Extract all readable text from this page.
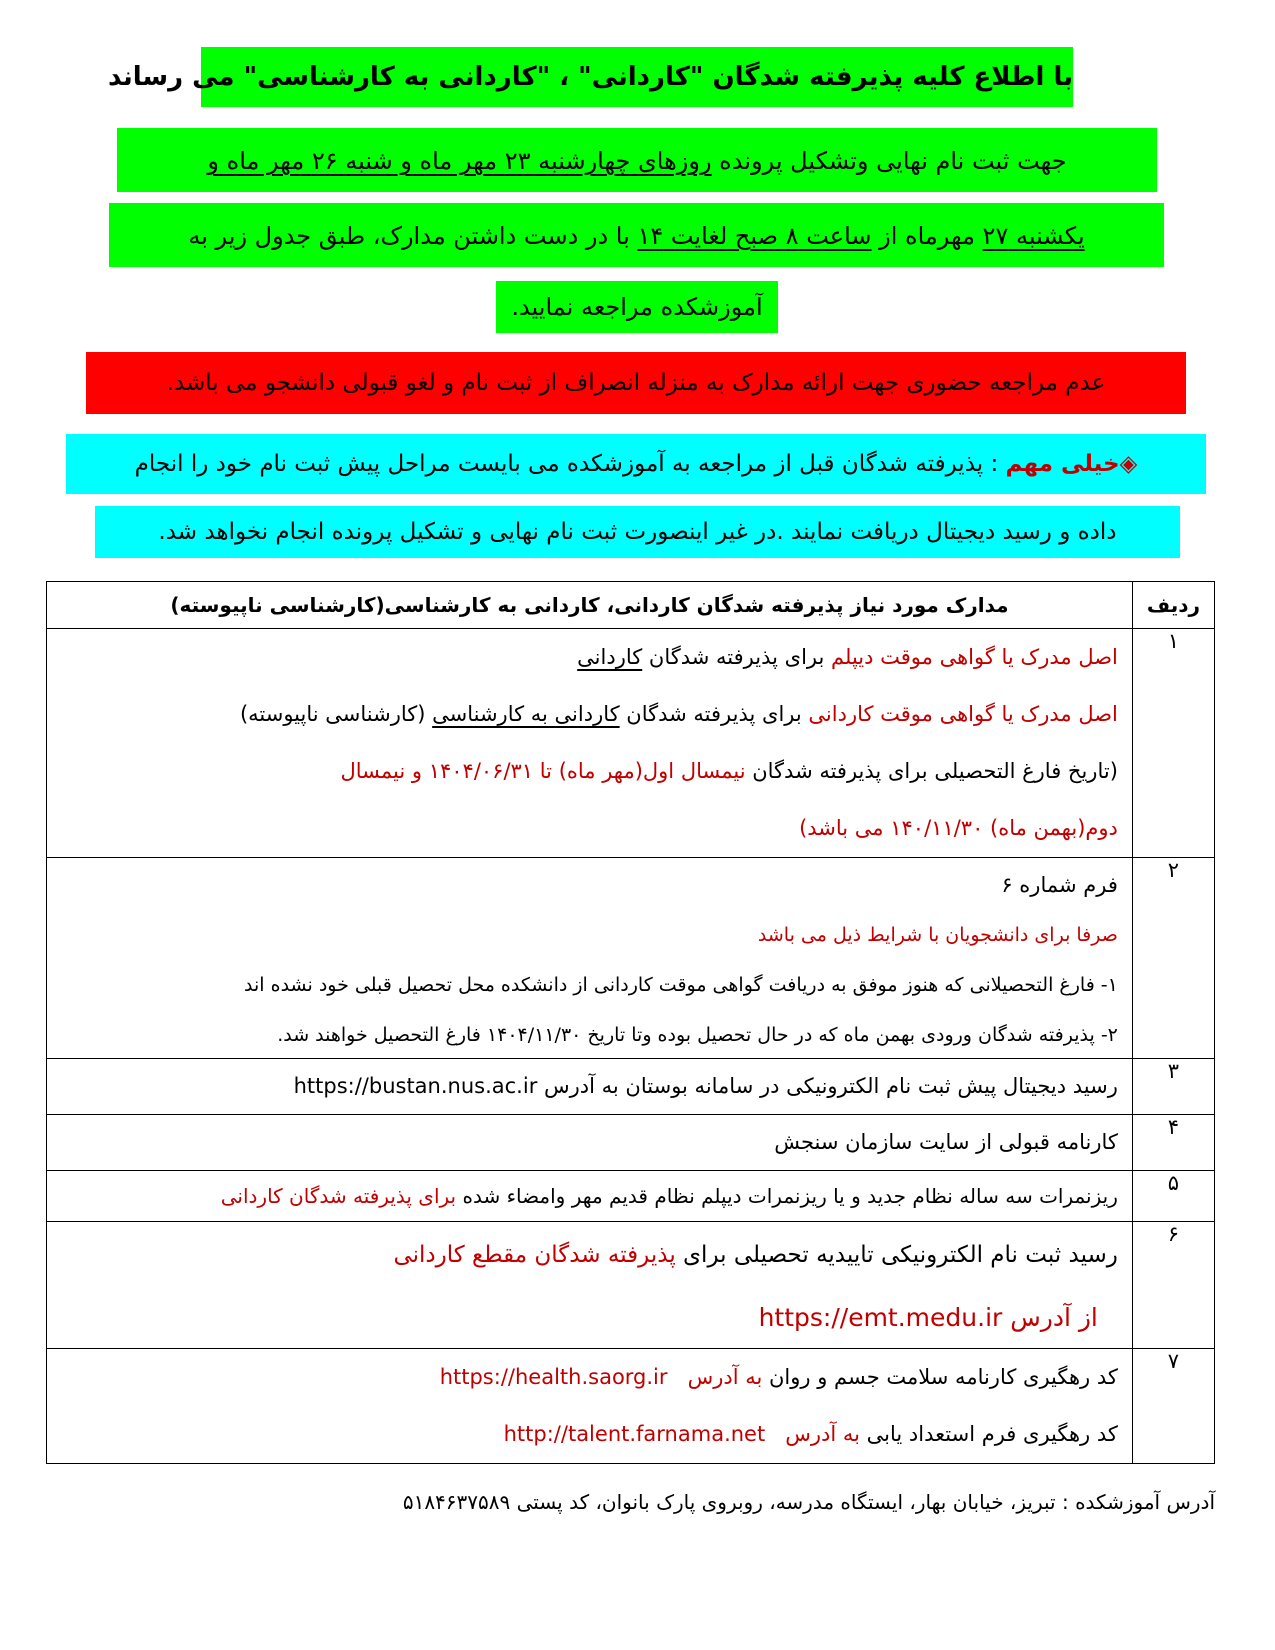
با اطلاع کلیه پذیرفته شدگان "کاردانی" ، "کاردانی به کارشناسی" می رساند
جهت ثبت نام نهایی وتشکیل پرونده روزهای چهارشنبه ۲۳ مهر ماه و شنبه ۲۶ مهر ماه و
یکشنبه ۲۷ مهرماه از ساعت ۸ صبح لغایت ۱۴ با در دست داشتن مدارک، طبق جدول زیر به
آموزشکده مراجعه نمایید.
عدم مراجعه حضوری جهت ارائه مدارک به منزله انصراف از ثبت نام و لغو قبولی دانشجو می باشد.
◈خیلی مهم : پذیرفته شدگان قبل از مراجعه به آموزشکده می بایست مراحل پیش ثبت نام خود را انجام
داده و رسید دیجیتال دریافت نمایند .در غیر اینصورت ثبت نام نهایی و تشکیل پرونده انجام نخواهد شد.
ردیف	مدارک مورد نیاز پذیرفته شدگان کاردانی، کاردانی به کارشناسی(کارشناسی ناپیوسته)
۱	اصل مدرک یا گواهی موقت دیپلم برای پذیرفته شدگان کاردانی
اصل مدرک یا گواهی موقت کاردانی برای پذیرفته شدگان کاردانی به کارشناسی (کارشناسی ناپیوسته)
(تاریخ فارغ التحصیلی برای پذیرفته شدگان نیمسال اول(مهر ماه) تا ۱۴۰۴/۰۶/۳۱ و نیمسال
دوم(بهمن ماه) ۱۴۰/۱۱/۳۰ می باشد)

۲	فرم شماره ۶
صرفا برای دانشجویان با شرایط ذیل می باشد
۱- فارغ التحصیلانی که هنوز موفق به دریافت گواهی موقت کاردانی از دانشکده محل تحصیل قبلی خود نشده اند
۲- پذیرفته شدگان ورودی بهمن ماه که در حال تحصیل بوده وتا تاریخ ۱۴۰۴/۱۱/۳۰ فارغ التحصیل خواهند شد.

۳	رسید دیجیتال پیش ثبت نام الکترونیکی در سامانه بوستان به آدرس https://bustan.nus.ac.ir

۴	کارنامه قبولی از سایت سازمان سنجش

۵	ریزنمرات سه ساله نظام جدید و یا ریزنمرات دیپلم نظام قدیم مهر وامضاء شده برای پذیرفته شدگان کاردانی

۶	رسید ثبت نام الکترونیکی تاییدیه تحصیلی برای پذیرفته شدگان مقطع کاردانی
از آدرس https://emt.medu.ir

۷	کد رهگیری کارنامه سلامت جسم و روان به آدرس   https://health.saorg.ir
کد رهگیری فرم استعداد یابی به آدرس   http://talent.farnama.net
آدرس آموزشکده : تبریز، خیابان بهار، ایستگاه مدرسه، روبروی پارک بانوان، کد پستی ۵۱۸۴۶۳۷۵۸۹
